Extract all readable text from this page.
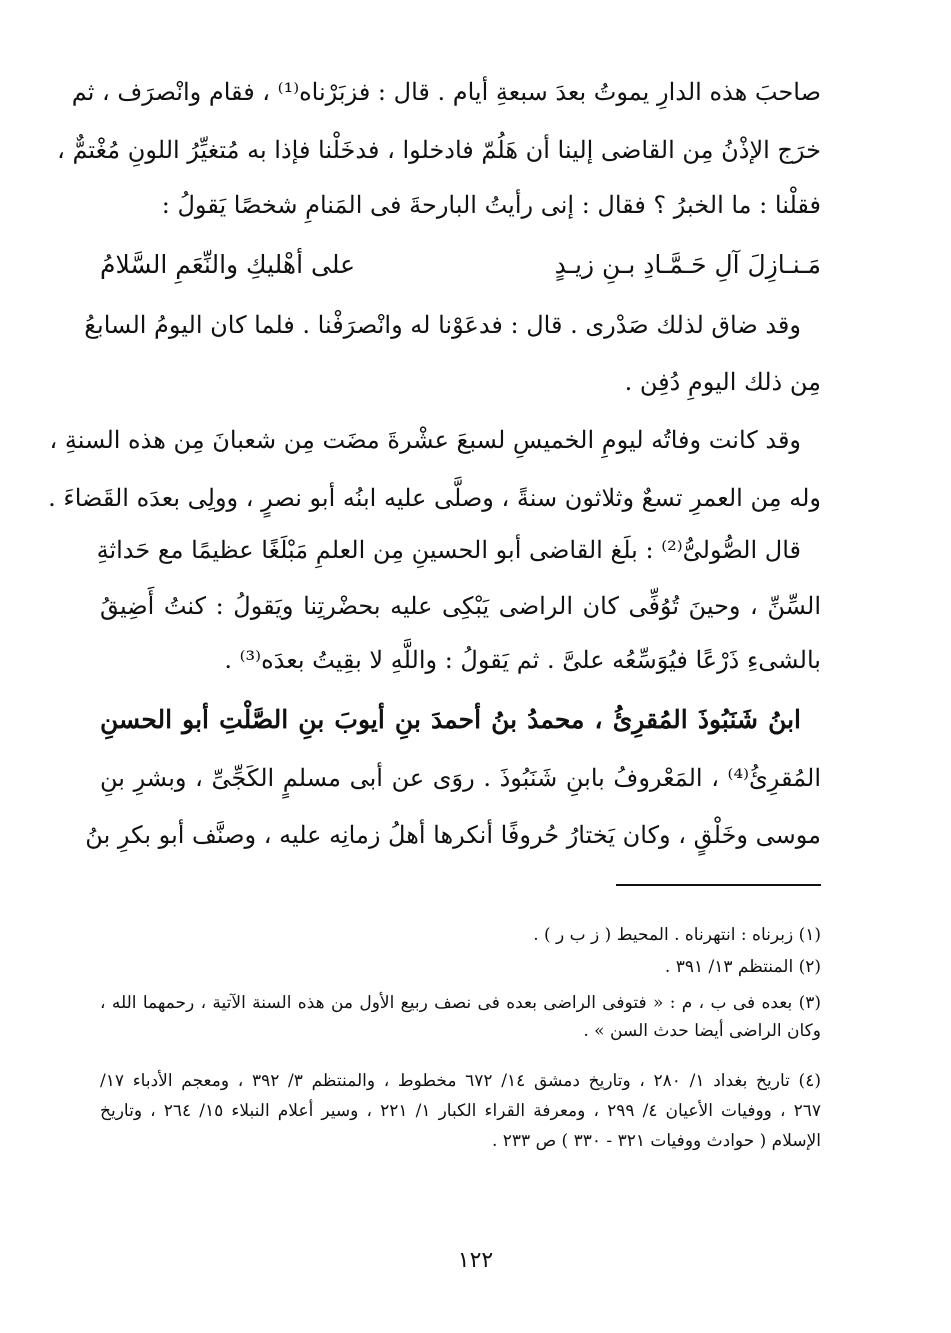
صاحبَ هذه الدارِ يموتُ بعدَ سبعةِ أيام . قال : فزبَرْناه⁽¹⁾ ، فقام وانْصرَف ، ثم
خرَج الإذْنُ مِن القاضى إلينا أن هَلُمّ فادخلوا ، فدخَلْنا فإذا به مُتغيِّرُ اللونِ مُغْتمٌّ ،
فقلْنا : ما الخبرُ ؟ فقال : إنى رأيتُ البارحةَ فى المَنامِ شخصًا يَقولُ :
مَـنـازِلَ آلِ حَـمَّـادِ بـنِ زيـدٍ
على أهْليكِ والنِّعَمِ السَّلامُ
وقد ضاق لذلك صَدْرى . قال : فدعَوْنا له وانْصرَفْنا . فلما كان اليومُ السابعُ
مِن ذلك اليومِ دُفِن .
وقد كانت وفاتُه ليومِ الخميسِ لسبعَ عشْرةَ مضَت مِن شعبانَ مِن هذه السنةِ ،
وله مِن العمرِ تسعٌ وثلاثون سنةً ، وصلَّى عليه ابنُه أبو نصرٍ ، وولِى بعدَه القَضاءَ .
قال الصُّولىُّ⁽²⁾ : بلَغ القاضى أبو الحسينِ مِن العلمِ مَبْلَغًا عظيمًا مع حَداثةِ
السِّنِّ ، وحينَ تُوُفِّى كان الراضى يَبْكِى عليه بحضْرتِنا ويَقولُ : كنتُ أَضِيقُ
بالشىءِ ذَرْعًا فيُوَسِّعُه علىَّ . ثم يَقولُ : واللَّهِ لا بقِيتُ بعدَه⁽³⁾ .
ابنُ شَنَبُوذَ المُقرِئُ ، محمدُ بنُ أحمدَ بنِ أيوبَ بنِ الصَّلْتِ أبو الحسنِ
المُقرِئُ⁽⁴⁾ ، المَعْروفُ بابنِ شَنَبُوذَ . روَى عن أبى مسلمٍ الكَجِّىِّ ، وبشرِ بنِ
موسى وخَلْقٍ ، وكان يَختارُ حُروفًا أنكرها أهلُ زمانِه عليه ، وصنَّف أبو بكرِ بنُ
(١) زبرناه : انتهرناه . المحيط ( ز ب ر ) .
(٢) المنتظم ١٣/ ٣٩١ .
(٣) بعده فى ب ، م : « فتوفى الراضى بعده فى نصف ربيع الأول من هذه السنة الآتية ، رحمهما الله ،
وكان الراضى أيضا حدث السن » .
(٤) تاريخ بغداد ١/ ٢٨٠ ، وتاريخ دمشق ١٤/ ٦٧٢ مخطوط ، والمنتظم ٣/ ٣٩٢ ، ومعجم الأدباء ١٧/
٢٦٧ ، ووفيات الأعيان ٤/ ٢٩٩ ، ومعرفة القراء الكبار ١/ ٢٢١ ، وسير أعلام النبلاء ١٥/ ٢٦٤ ، وتاريخ
الإسلام ( حوادث ووفيات ٣٢١ - ٣٣٠ ) ص ٢٣٣ .
١٢٢
